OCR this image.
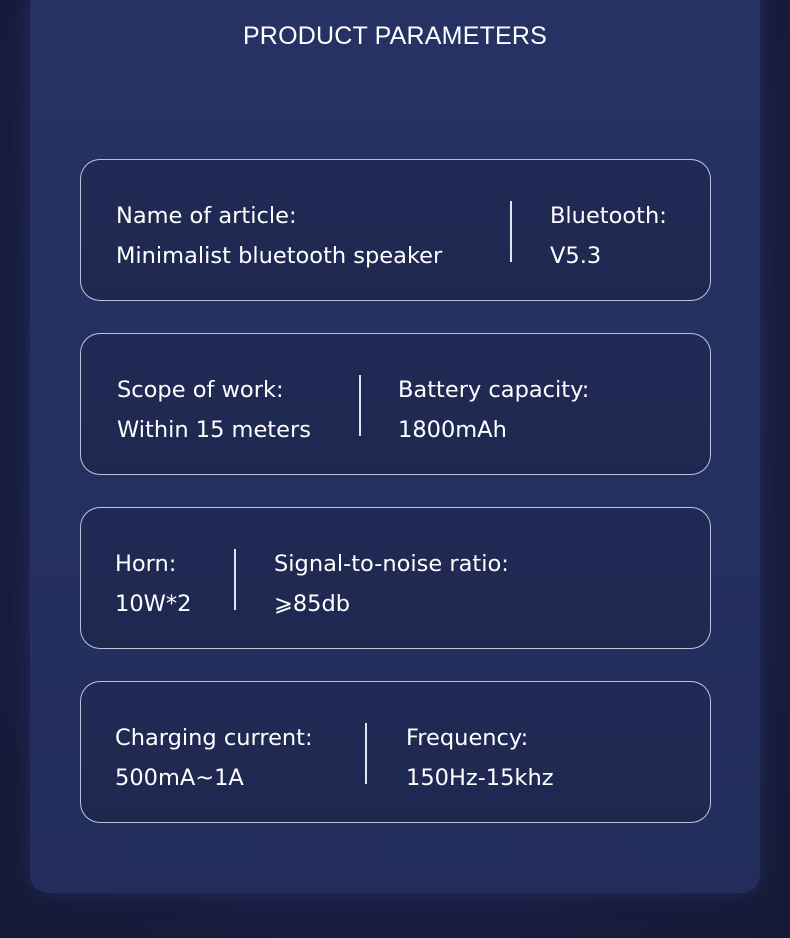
PRODUCT PARAMETERS
Name of article:
Minimalist bluetooth speaker
Bluetooth:
V5.3
Scope of work:
Within 15 meters
Battery capacity:
1800mAh
Horn:
10W*2
Signal-to-noise ratio:
⩾85db
Charging current:
500mA~1A
Frequency:
150Hz-15khz
